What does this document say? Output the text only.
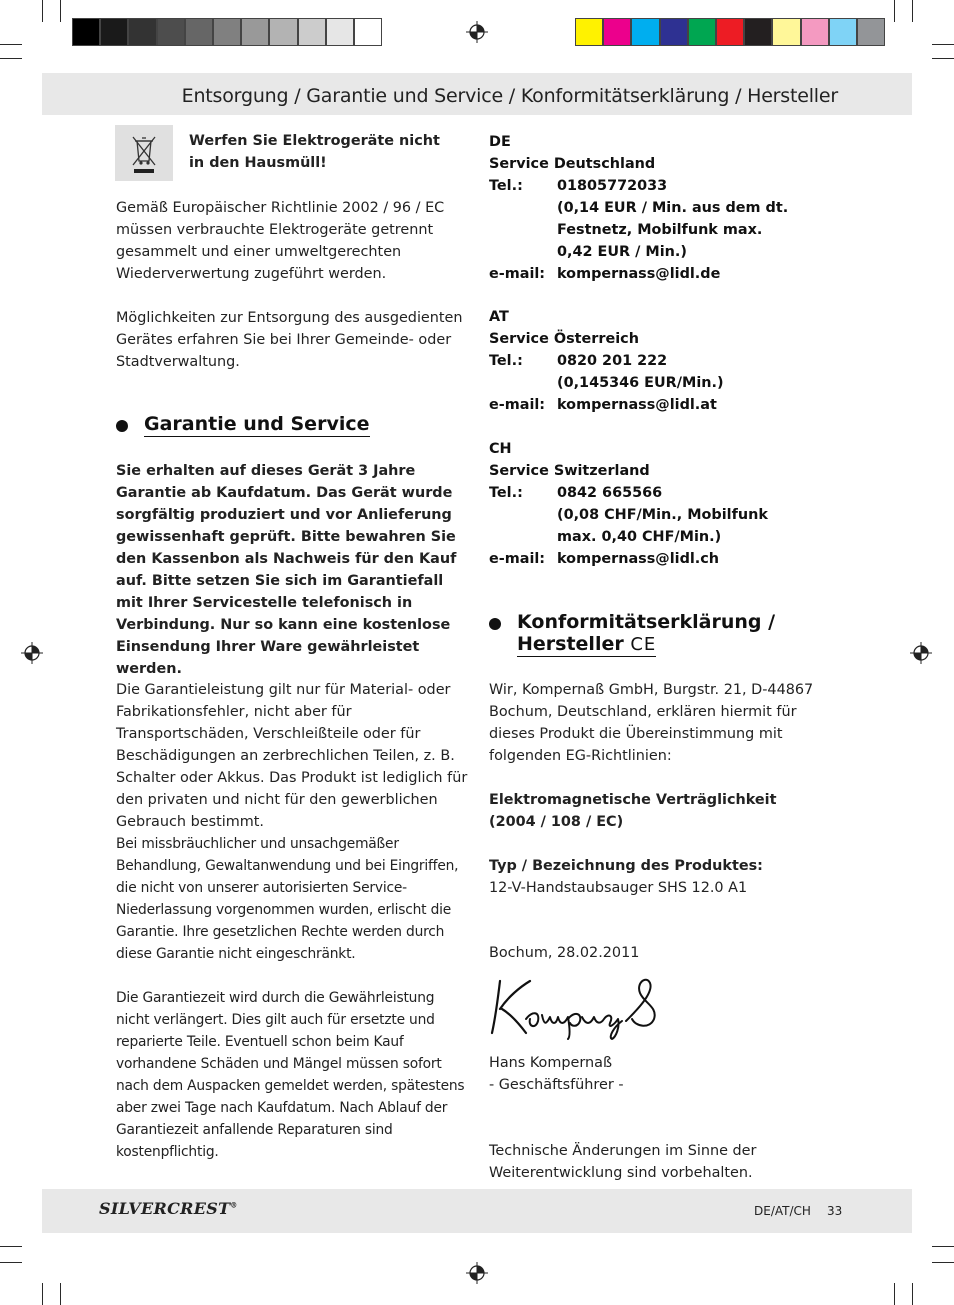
Entsorgung / Garantie und Service / Konformitätserklärung / Hersteller
Werfen Sie Elektrogeräte nicht in den Hausmüll!
Gemäß Europäischer Richtlinie 2002 / 96 / EC müssen verbrauchte Elektrogeräte getrennt gesammelt und einer umweltgerechten Wiederverwertung zugeführt werden.
Möglichkeiten zur Entsorgung des ausgedienten Gerätes erfahren Sie bei Ihrer Gemeinde- oder Stadtverwaltung.
Garantie und Service
Sie erhalten auf dieses Gerät 3 Jahre Garantie ab Kaufdatum. Das Gerät wurde sorgfältig produziert und vor Anlieferung gewissenhaft geprüft. Bitte bewahren Sie den Kassenbon als Nachweis für den Kauf auf. Bitte setzen Sie sich im Garantiefall mit Ihrer Servicestelle telefonisch in Verbindung. Nur so kann eine kostenlose Einsendung Ihrer Ware gewährleistet werden.
Die Garantieleistung gilt nur für Material- oder Fabrikationsfehler, nicht aber für Transportschäden, Verschleißteile oder für Beschädigungen an zerbrechlichen Teilen, z. B. Schalter oder Akkus. Das Produkt ist lediglich für den privaten und nicht für den gewerblichen Gebrauch bestimmt.
Bei missbräuchlicher und unsachgemäßer Behandlung, Gewaltanwendung und bei Eingriffen, die nicht von unserer autorisierten Service-Niederlassung vorgenommen wurden, erlischt die Garantie. Ihre gesetzlichen Rechte werden durch diese Garantie nicht eingeschränkt.
Die Garantiezeit wird durch die Gewährleistung nicht verlängert. Dies gilt auch für ersetzte und reparierte Teile. Eventuell schon beim Kauf vorhandene Schäden und Mängel müssen sofort nach dem Auspacken gemeldet werden, spätestens aber zwei Tage nach Kaufdatum. Nach Ablauf der Garantiezeit anfallende Reparaturen sind kostenpflichtig.
DE
Service Deutschland
Tel.: 01805772033
(0,14 EUR / Min. aus dem dt.
Festnetz, Mobilfunk max.
0,42 EUR / Min.)
e-mail: kompernass@lidl.de
AT
Service Österreich
Tel.: 0820 201 222
(0,145346 EUR/Min.)
e-mail: kompernass@lidl.at
CH
Service Switzerland
Tel.: 0842 665566
(0,08 CHF/Min., Mobilfunk
max. 0,40 CHF/Min.)
e-mail: kompernass@lidl.ch
Konformitätserklärung /
Hersteller CE
Wir, Kompernaß GmbH, Burgstr. 21, D-44867 Bochum, Deutschland, erklären hiermit für dieses Produkt die Übereinstimmung mit folgenden EG-Richtlinien:
Elektromagnetische Verträglichkeit (2004 / 108 / EC)
Typ / Bezeichnung des Produktes:
12-V-Handstaubsauger SHS 12.0 A1
Bochum, 28.02.2011
Hans Kompernaß
- Geschäftsführer -
Technische Änderungen im Sinne der Weiterentwicklung sind vorbehalten.
SILVERCREST®	DE/AT/CH 33
